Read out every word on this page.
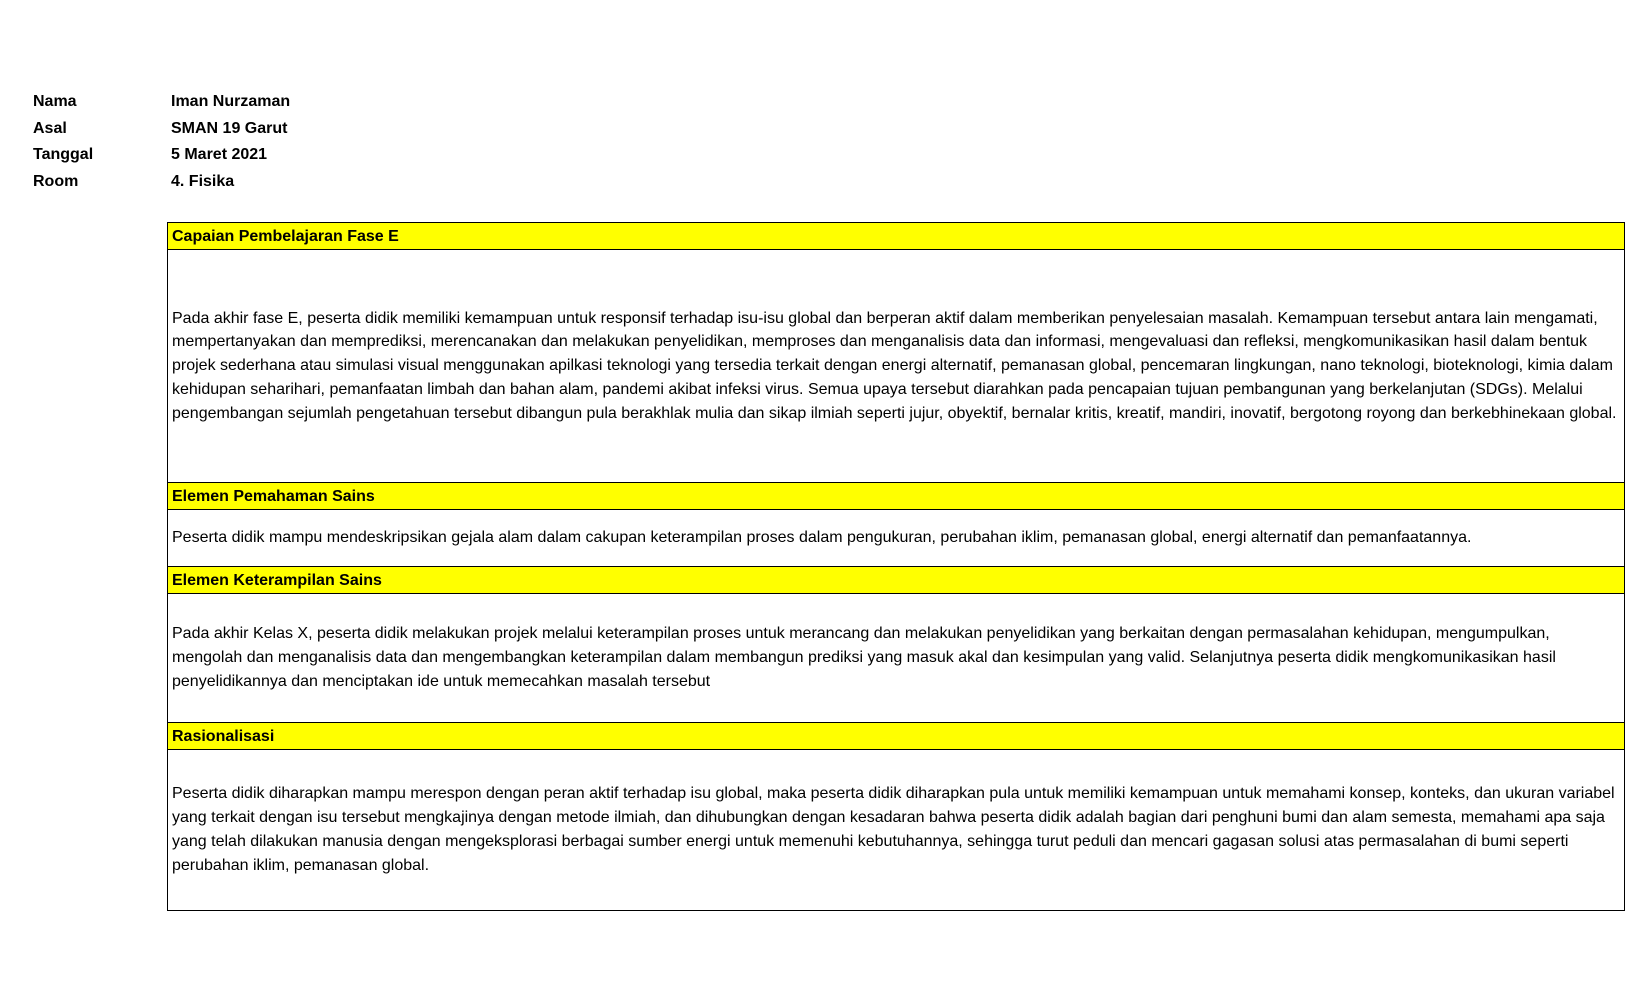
Nama	Iman Nurzaman
Asal	SMAN 19 Garut
Tanggal	5 Maret 2021
Room	4. Fisika
Capaian Pembelajaran Fase E
Pada akhir fase E, peserta didik memiliki kemampuan untuk responsif terhadap isu-isu global dan berperan aktif dalam memberikan penyelesaian masalah. Kemampuan tersebut antara lain mengamati, mempertanyakan dan memprediksi, merencanakan dan melakukan penyelidikan, memproses dan menganalisis data dan informasi, mengevaluasi dan refleksi, mengkomunikasikan hasil dalam bentuk projek sederhana atau simulasi visual menggunakan apilkasi teknologi yang tersedia terkait dengan energi alternatif, pemanasan global, pencemaran lingkungan, nano teknologi, bioteknologi, kimia dalam kehidupan seharihari, pemanfaatan limbah dan bahan alam, pandemi akibat infeksi virus. Semua upaya tersebut diarahkan pada pencapaian tujuan pembangunan yang berkelanjutan (SDGs). Melalui pengembangan sejumlah pengetahuan tersebut dibangun pula berakhlak mulia dan sikap ilmiah seperti jujur, obyektif, bernalar kritis, kreatif, mandiri, inovatif, bergotong royong dan berkebhinekaan global.
Elemen Pemahaman Sains
Peserta didik mampu mendeskripsikan gejala alam dalam cakupan keterampilan proses dalam pengukuran, perubahan iklim, pemanasan global, energi alternatif dan pemanfaatannya.
Elemen Keterampilan Sains
Pada akhir Kelas X, peserta didik melakukan projek melalui keterampilan proses untuk merancang dan melakukan penyelidikan yang berkaitan dengan permasalahan kehidupan, mengumpulkan, mengolah dan menganalisis data dan mengembangkan keterampilan dalam membangun prediksi yang masuk akal dan kesimpulan yang valid. Selanjutnya peserta didik mengkomunikasikan hasil penyelidikannya dan menciptakan ide untuk memecahkan masalah tersebut
Rasionalisasi
Peserta didik diharapkan mampu merespon dengan peran aktif terhadap isu global, maka peserta didik diharapkan pula untuk memiliki kemampuan untuk memahami konsep, konteks, dan ukuran variabel yang terkait dengan isu tersebut mengkajinya dengan metode ilmiah, dan dihubungkan dengan kesadaran bahwa peserta didik adalah bagian dari penghuni bumi dan alam semesta, memahami apa saja yang telah dilakukan manusia dengan mengeksplorasi berbagai sumber energi untuk memenuhi kebutuhannya, sehingga turut peduli dan mencari gagasan solusi atas permasalahan di bumi seperti perubahan iklim, pemanasan global.
